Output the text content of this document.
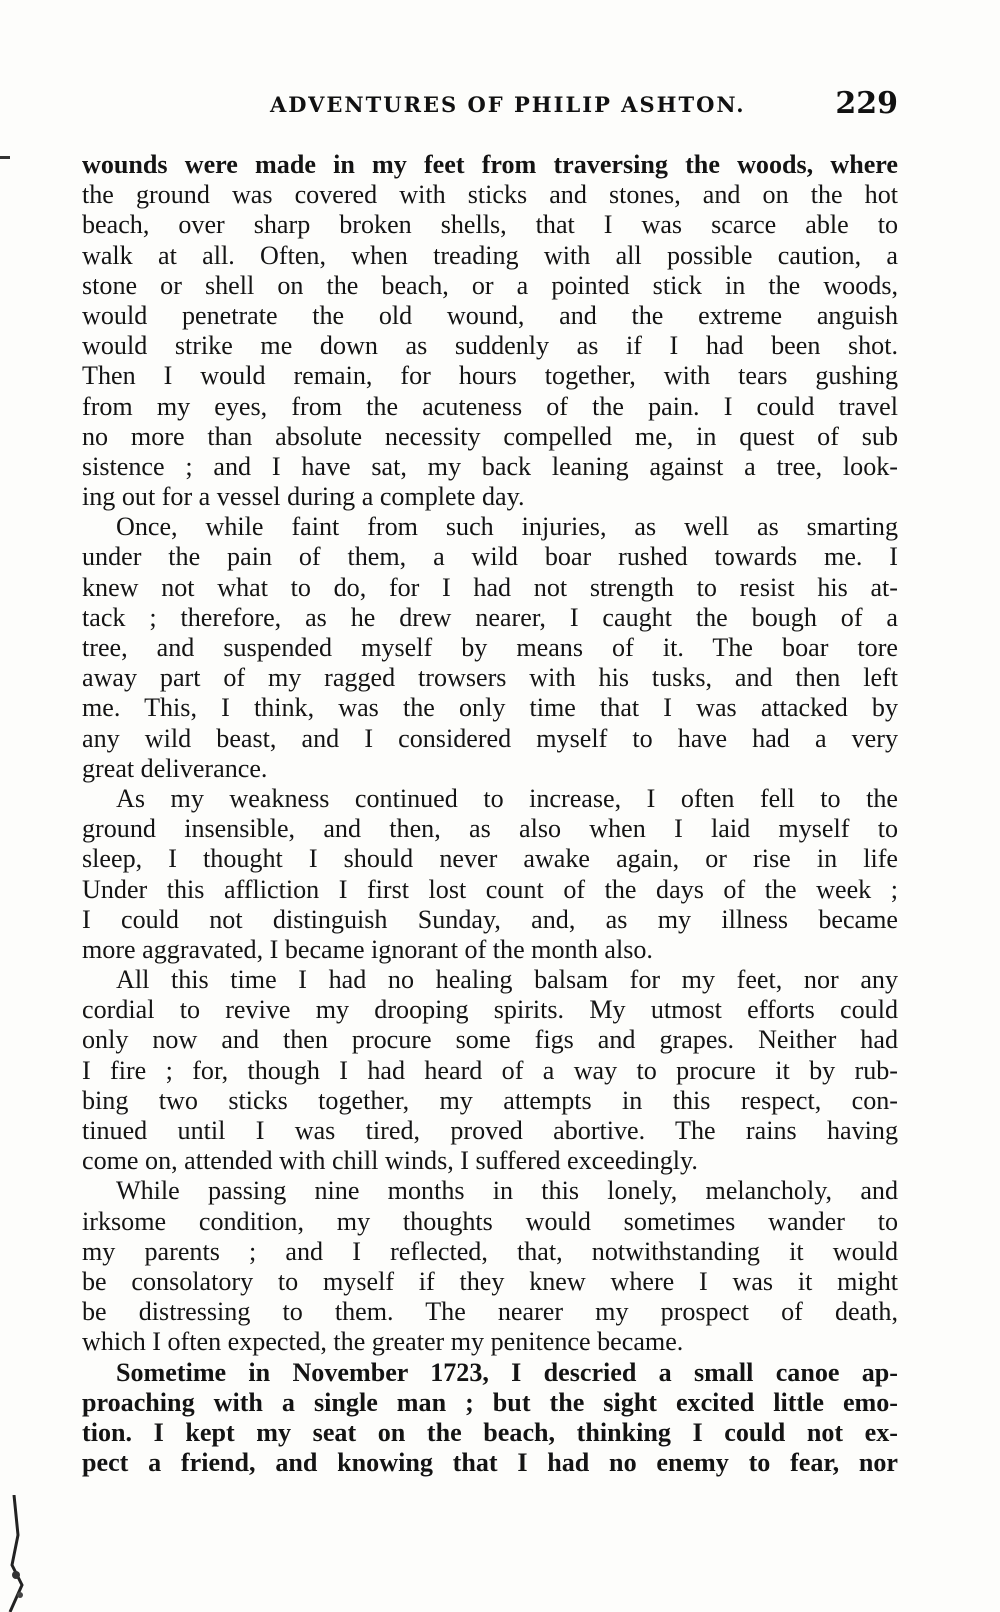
ADVENTURES OF PHILIP ASHTON.	229
wounds were made in my feet from traversing the woods, where
the ground was covered with sticks and stones, and on the hot
beach, over sharp broken shells, that I was scarce able to
walk at all. Often, when treading with all possible caution, a
stone or shell on the beach, or a pointed stick in the woods,
would penetrate the old wound, and the extreme anguish
would strike me down as suddenly as if I had been shot.
Then I would remain, for hours together, with tears gushing
from my eyes, from the acuteness of the pain. I could travel
no more than absolute necessity compelled me, in quest of sub
sistence ; and I have sat, my back leaning against a tree, look-
ing out for a vessel during a complete day.
Once, while faint from such injuries, as well as smarting
under the pain of them, a wild boar rushed towards me. I
knew not what to do, for I had not strength to resist his at-
tack ; therefore, as he drew nearer, I caught the bough of a
tree, and suspended myself by means of it. The boar tore
away part of my ragged trowsers with his tusks, and then left
me. This, I think, was the only time that I was attacked by
any wild beast, and I considered myself to have had a very
great deliverance.
As my weakness continued to increase, I often fell to the
ground insensible, and then, as also when I laid myself to
sleep, I thought I should never awake again, or rise in life
Under this affliction I first lost count of the days of the week ;
I could not distinguish Sunday, and, as my illness became
more aggravated, I became ignorant of the month also.
All this time I had no healing balsam for my feet, nor any
cordial to revive my drooping spirits. My utmost efforts could
only now and then procure some figs and grapes. Neither had
I fire ; for, though I had heard of a way to procure it by rub-
bing two sticks together, my attempts in this respect, con-
tinued until I was tired, proved abortive. The rains having
come on, attended with chill winds, I suffered exceedingly.
While passing nine months in this lonely, melancholy, and
irksome condition, my thoughts would sometimes wander to
my parents ; and I reflected, that, notwithstanding it would
be consolatory to myself if they knew where I was it might
be distressing to them. The nearer my prospect of death,
which I often expected, the greater my penitence became.
Sometime in November 1723, I descried a small canoe ap-
proaching with a single man ; but the sight excited little emo-
tion. I kept my seat on the beach, thinking I could not ex-
pect a friend, and knowing that I had no enemy to fear, nor
